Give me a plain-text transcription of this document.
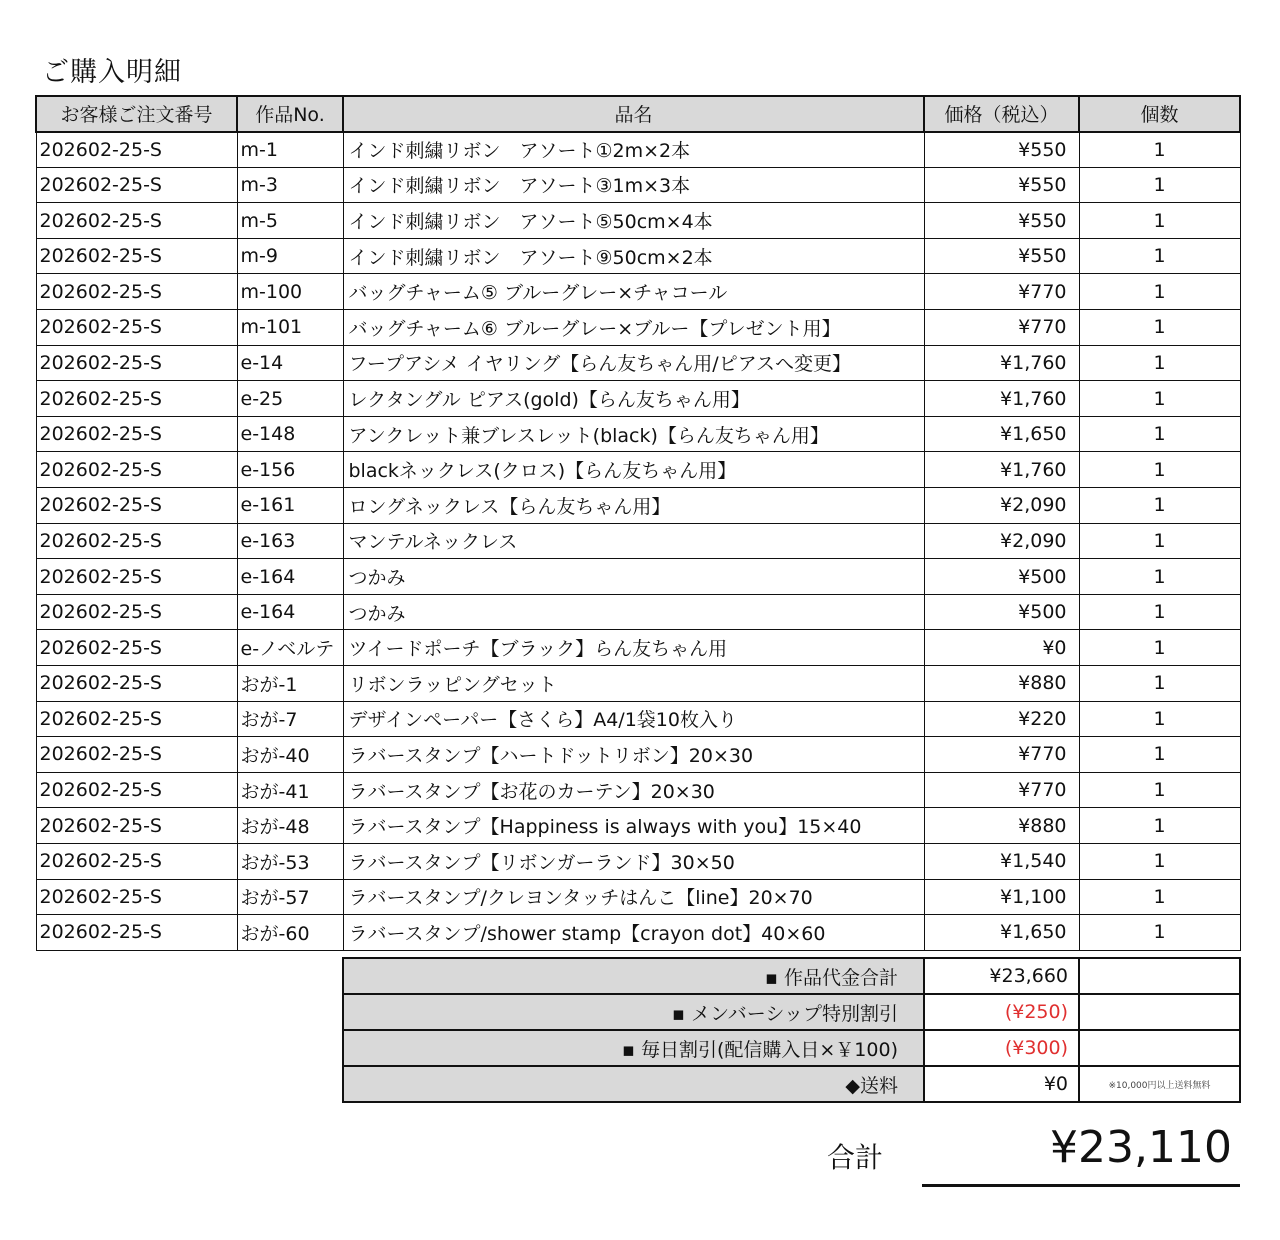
ご購入明細
お客様ご注文番号	作品No.	品名	価格（税込）	個数
202602-25-S	m-1	インド刺繍リボン　アソート①2m×2本	¥550	1
202602-25-S	m-3	インド刺繍リボン　アソート③1m×3本	¥550	1
202602-25-S	m-5	インド刺繍リボン　アソート⑤50cm×4本	¥550	1
202602-25-S	m-9	インド刺繍リボン　アソート⑨50cm×2本	¥550	1
202602-25-S	m-100	バッグチャーム⑤ ブルーグレー×チャコール	¥770	1
202602-25-S	m-101	バッグチャーム⑥ ブルーグレー×ブルー【プレゼント用】	¥770	1
202602-25-S	e-14	フープアシメ イヤリング【らん友ちゃん用/ピアスへ変更】	¥1,760	1
202602-25-S	e-25	レクタングル ピアス(gold)【らん友ちゃん用】	¥1,760	1
202602-25-S	e-148	アンクレット兼ブレスレット(black)【らん友ちゃん用】	¥1,650	1
202602-25-S	e-156	blackネックレス(クロス)【らん友ちゃん用】	¥1,760	1
202602-25-S	e-161	ロングネックレス【らん友ちゃん用】	¥2,090	1
202602-25-S	e-163	マンテルネックレス	¥2,090	1
202602-25-S	e-164	つかみ	¥500	1
202602-25-S	e-164	つかみ	¥500	1
202602-25-S	e-ノベルテ	ツイードポーチ【ブラック】らん友ちゃん用	¥0	1
202602-25-S	おが-1	リボンラッピングセット	¥880	1
202602-25-S	おが-7	デザインペーパー【さくら】A4/1袋10枚入り	¥220	1
202602-25-S	おが-40	ラバースタンプ【ハートドットリボン】20×30	¥770	1
202602-25-S	おが-41	ラバースタンプ【お花のカーテン】20×30	¥770	1
202602-25-S	おが-48	ラバースタンプ【Happiness is always with you】15×40	¥880	1
202602-25-S	おが-53	ラバースタンプ【リボンガーランド】30×50	¥1,540	1
202602-25-S	おが-57	ラバースタンプ/クレヨンタッチはんこ【line】20×70	¥1,100	1
202602-25-S	おが-60	ラバースタンプ/shower stamp【crayon dot】40×60	¥1,650	1
▪ 作品代金合計	¥23,660	
▪ メンバーシップ特別割引	(¥250)	
▪ 毎日割引(配信購入日×￥100)	(¥300)	
◆送料	¥0	※10,000円以上送料無料
合計	¥23,110
